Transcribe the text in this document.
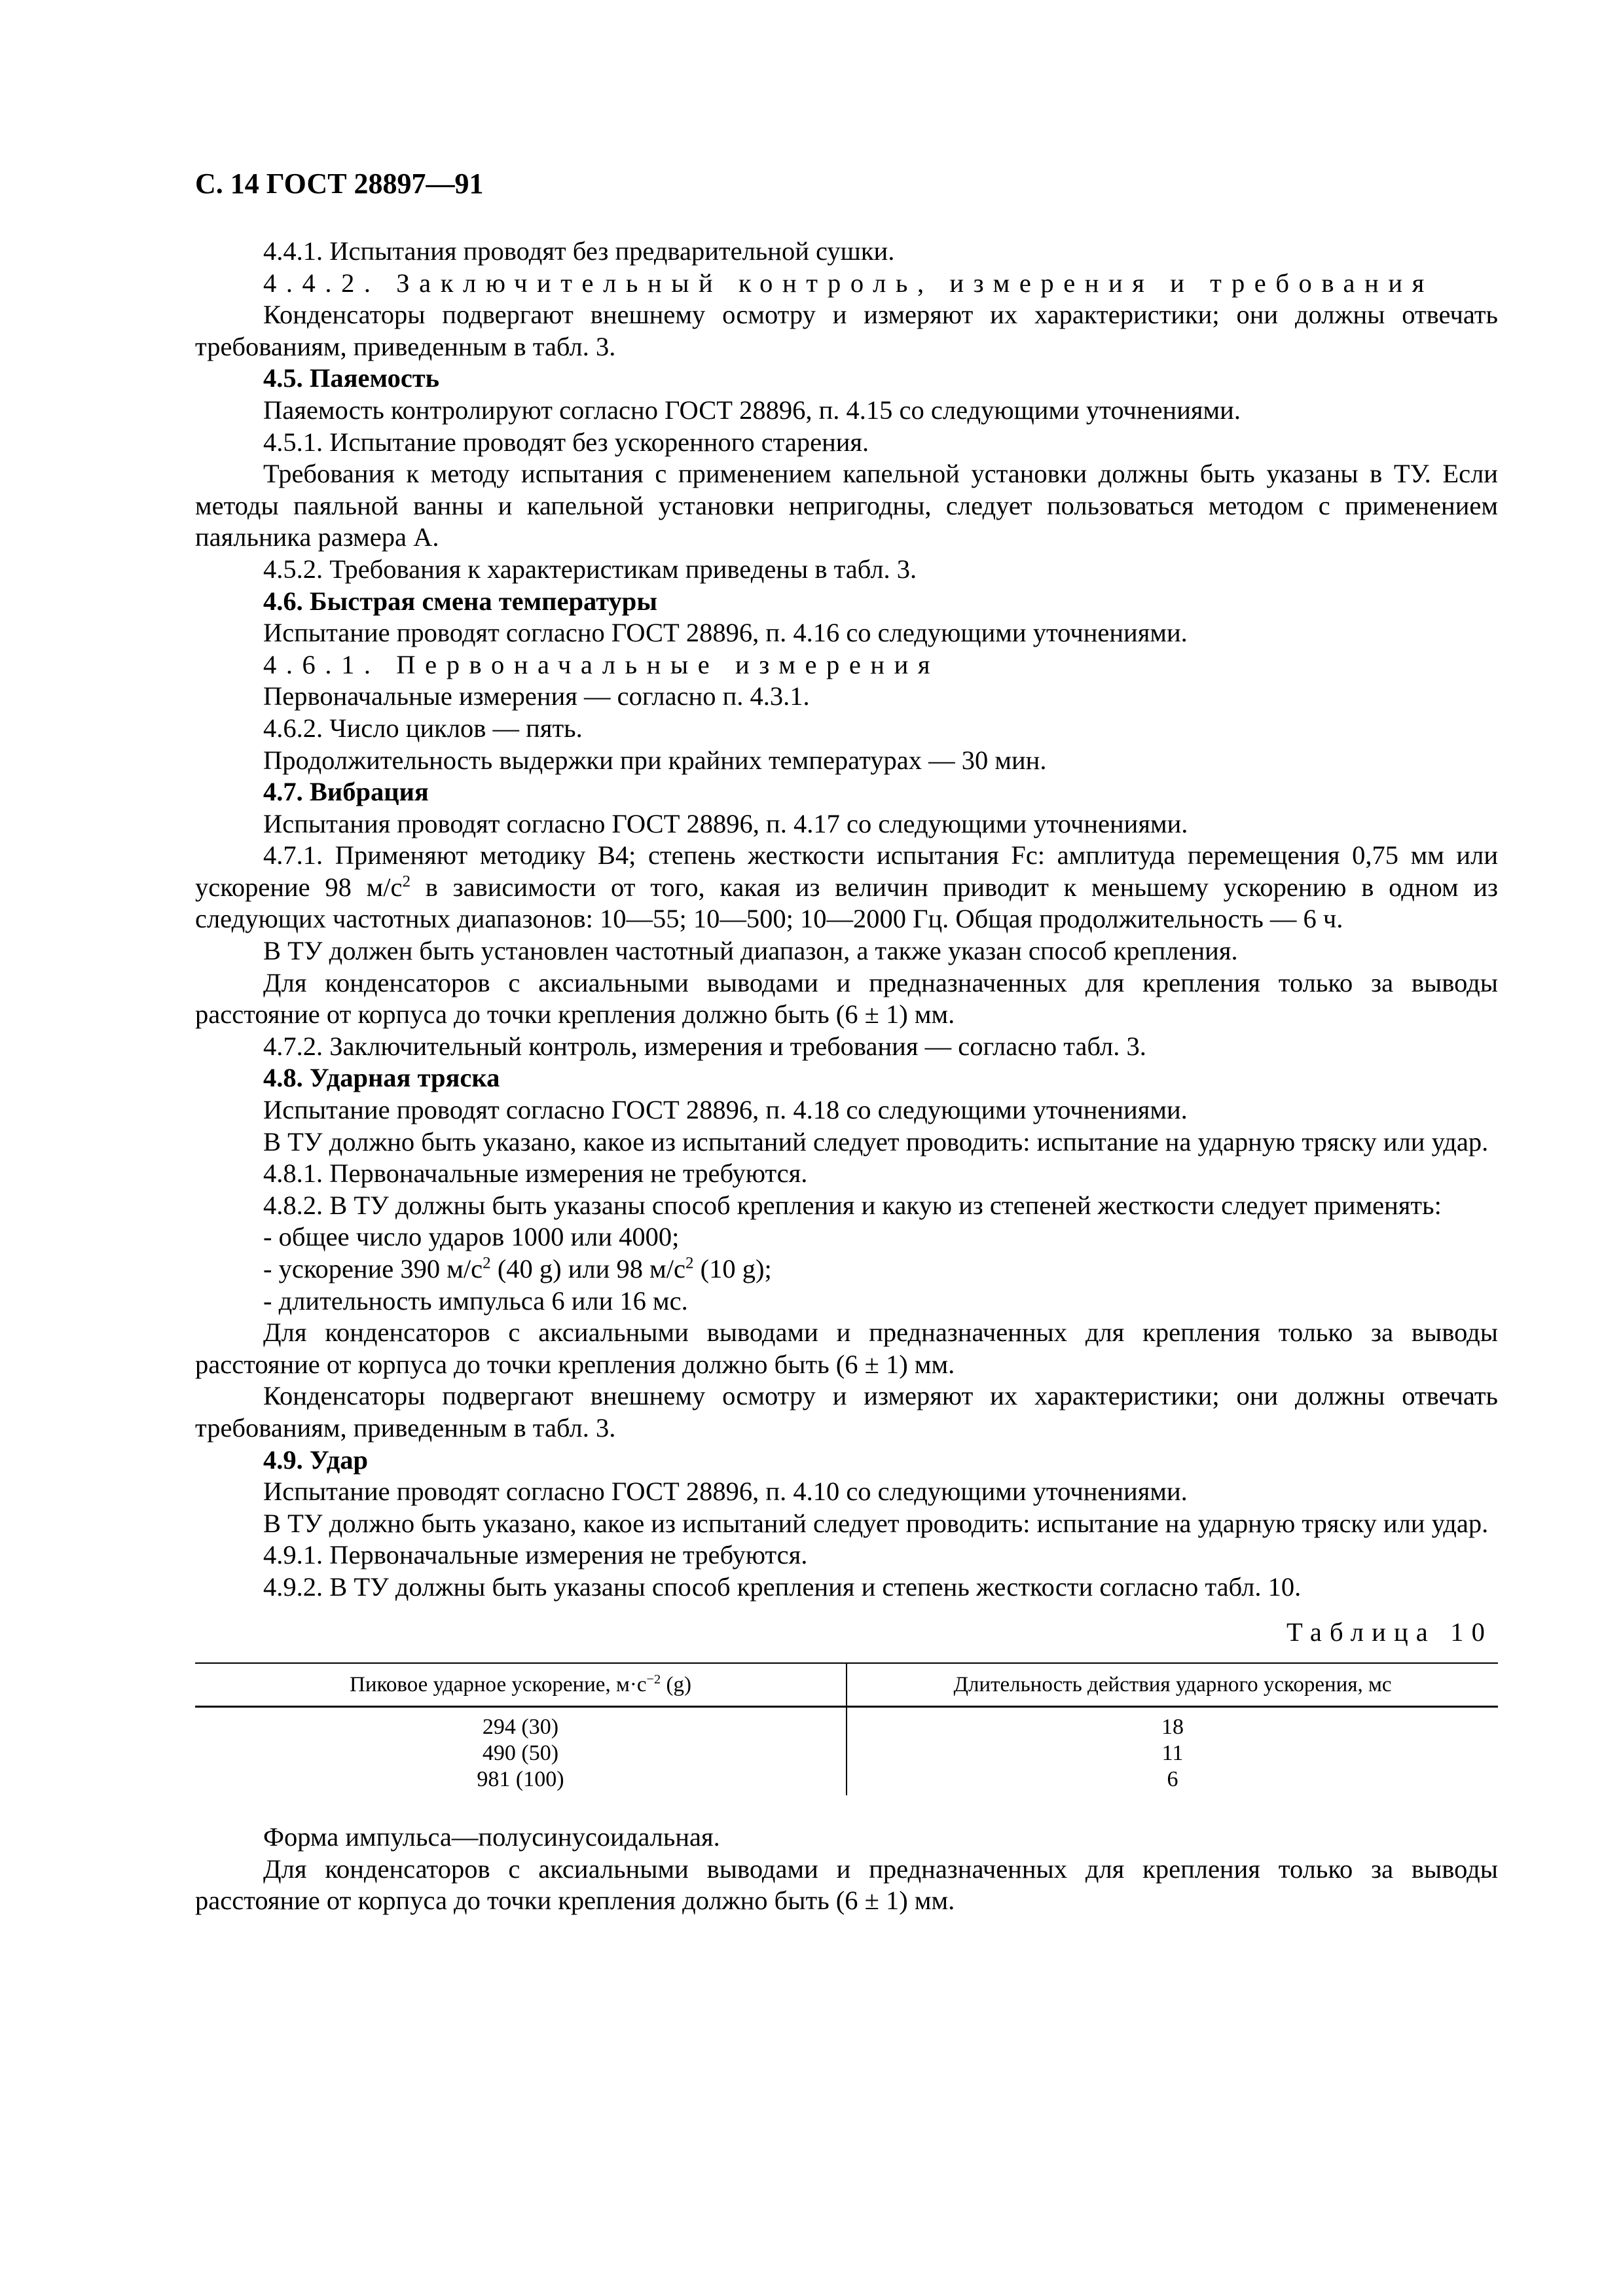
С. 14 ГОСТ 28897—91

4.4.1. Испытания проводят без предварительной сушки.

4.4.2. Заключительный контроль, измерения и требования

Конденсаторы подвергают внешнему осмотру и измеряют их характеристики; они должны отвечать требованиям, приведенным в табл. 3.

4.5. Паяемость

Паяемость контролируют согласно ГОСТ 28896, п. 4.15 со следующими уточнениями.

4.5.1. Испытание проводят без ускоренного старения.

Требования к методу испытания с применением капельной установки должны быть указаны в ТУ. Если методы паяльной ванны и капельной установки непригодны, следует пользоваться методом с применением паяльника размера А.

4.5.2. Требования к характеристикам приведены в табл. 3.

4.6. Быстрая смена температуры

Испытание проводят согласно ГОСТ 28896, п. 4.16 со следующими уточнениями.

4.6.1. Первоначальные измерения

Первоначальные измерения — согласно п. 4.3.1.

4.6.2. Число циклов — пять.

Продолжительность выдержки при крайних температурах — 30 мин.

4.7. Вибрация

Испытания проводят согласно ГОСТ 28896, п. 4.17 со следующими уточнениями.

4.7.1. Применяют методику В4; степень жесткости испытания Fc: амплитуда перемещения 0,75 мм или ускорение 98 $м/с^2$ в зависимости от того, какая из величин приводит к меньшему ускорению в одном из следующих частотных диапазонов: 10—55; 10—500; 10—2000 Гц. Общая продолжительность — 6 ч.

В ТУ должен быть установлен частотный диапазон, а также указан способ крепления.

Для конденсаторов с аксиальными выводами и предназначенных для крепления только за выводы расстояние от корпуса до точки крепления должно быть (6 ± 1) мм.

4.7.2. Заключительный контроль, измерения и требования — согласно табл. 3.

4.8. Ударная тряска

Испытание проводят согласно ГОСТ 28896, п. 4.18 со следующими уточнениями.

В ТУ должно быть указано, какое из испытаний следует проводить: испытание на ударную тряску или удар.

4.8.1. Первоначальные измерения не требуются.

4.8.2. В ТУ должны быть указаны способ крепления и какую из степеней жесткости следует применять:

- общее число ударов 1000 или 4000;

- ускорение 390 $м/с^2$ (40 g) или 98 $м/с^2$ (10 g);

- длительность импульса 6 или 16 мс.

Для конденсаторов с аксиальными выводами и предназначенных для крепления только за выводы расстояние от корпуса до точки крепления должно быть (6 ± 1) мм.

Конденсаторы подвергают внешнему осмотру и измеряют их характеристики; они должны отвечать требованиям, приведенным в табл. 3.

4.9. Удар

Испытание проводят согласно ГОСТ 28896, п. 4.10 со следующими уточнениями.

В ТУ должно быть указано, какое из испытаний следует проводить: испытание на ударную тряску или удар.

4.9.1. Первоначальные измерения не требуются.

4.9.2. В ТУ должны быть указаны способ крепления и степень жесткости согласно табл. 10.

Таблица 10
Пиковое ударное ускорение, $м\cdot с^{-2}$ (g)	Длительность действия ударного ускорения, мс
294 (30)	18
490 (50)	11
981 (100)	6

Форма импульса—полусинусоидальная.

Для конденсаторов с аксиальными выводами и предназначенных для крепления только за выводы расстояние от корпуса до точки крепления должно быть (6 ± 1) мм.
